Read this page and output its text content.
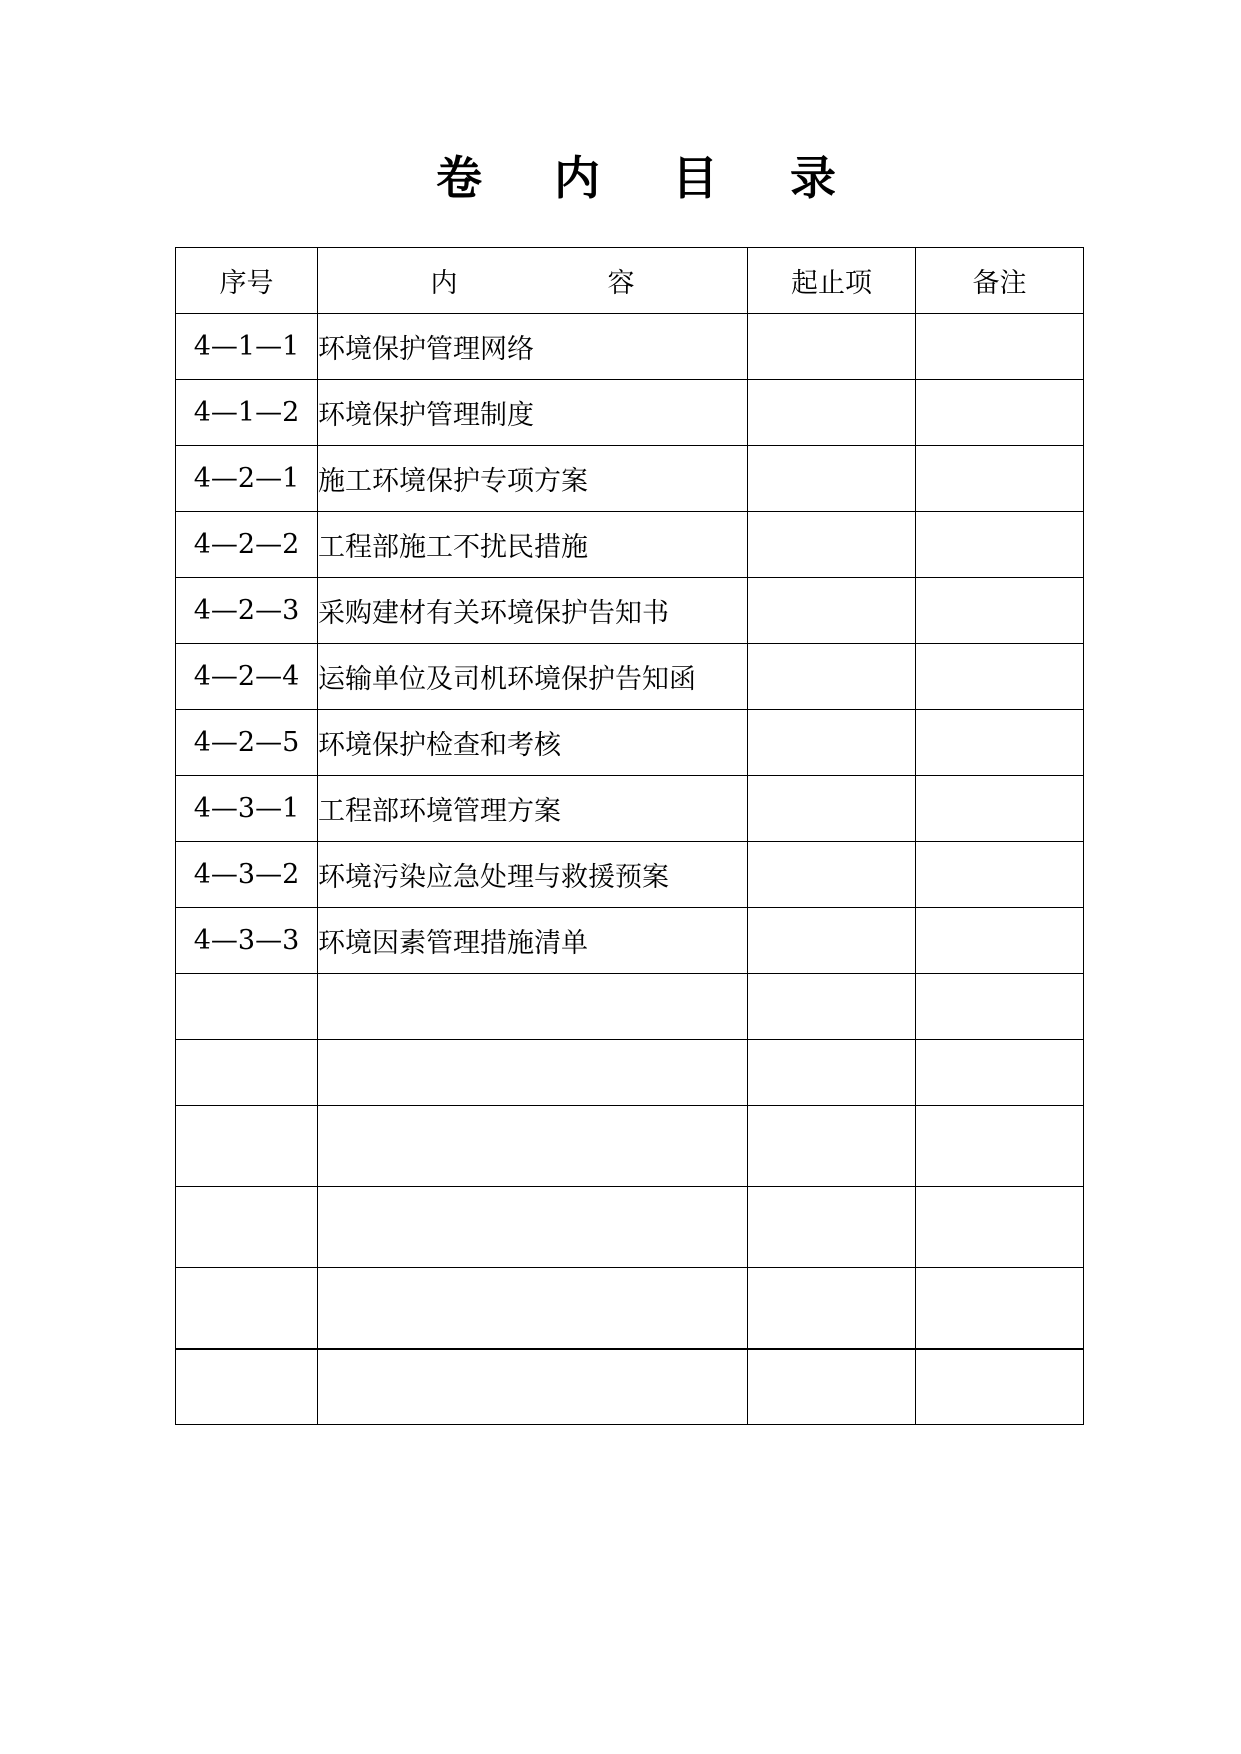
卷 内 目 录
序号	内 容	起止项	备注
4—1—1	环境保护管理网络		
4—1—2	环境保护管理制度		
4—2—1	施工环境保护专项方案		
4—2—2	工程部施工不扰民措施		
4—2—3	采购建材有关环境保护告知书		
4—2—4	运输单位及司机环境保护告知函		
4—2—5	环境保护检查和考核		
4—3—1	工程部环境管理方案		
4—3—2	环境污染应急处理与救援预案		
4—3—3	环境因素管理措施清单		
